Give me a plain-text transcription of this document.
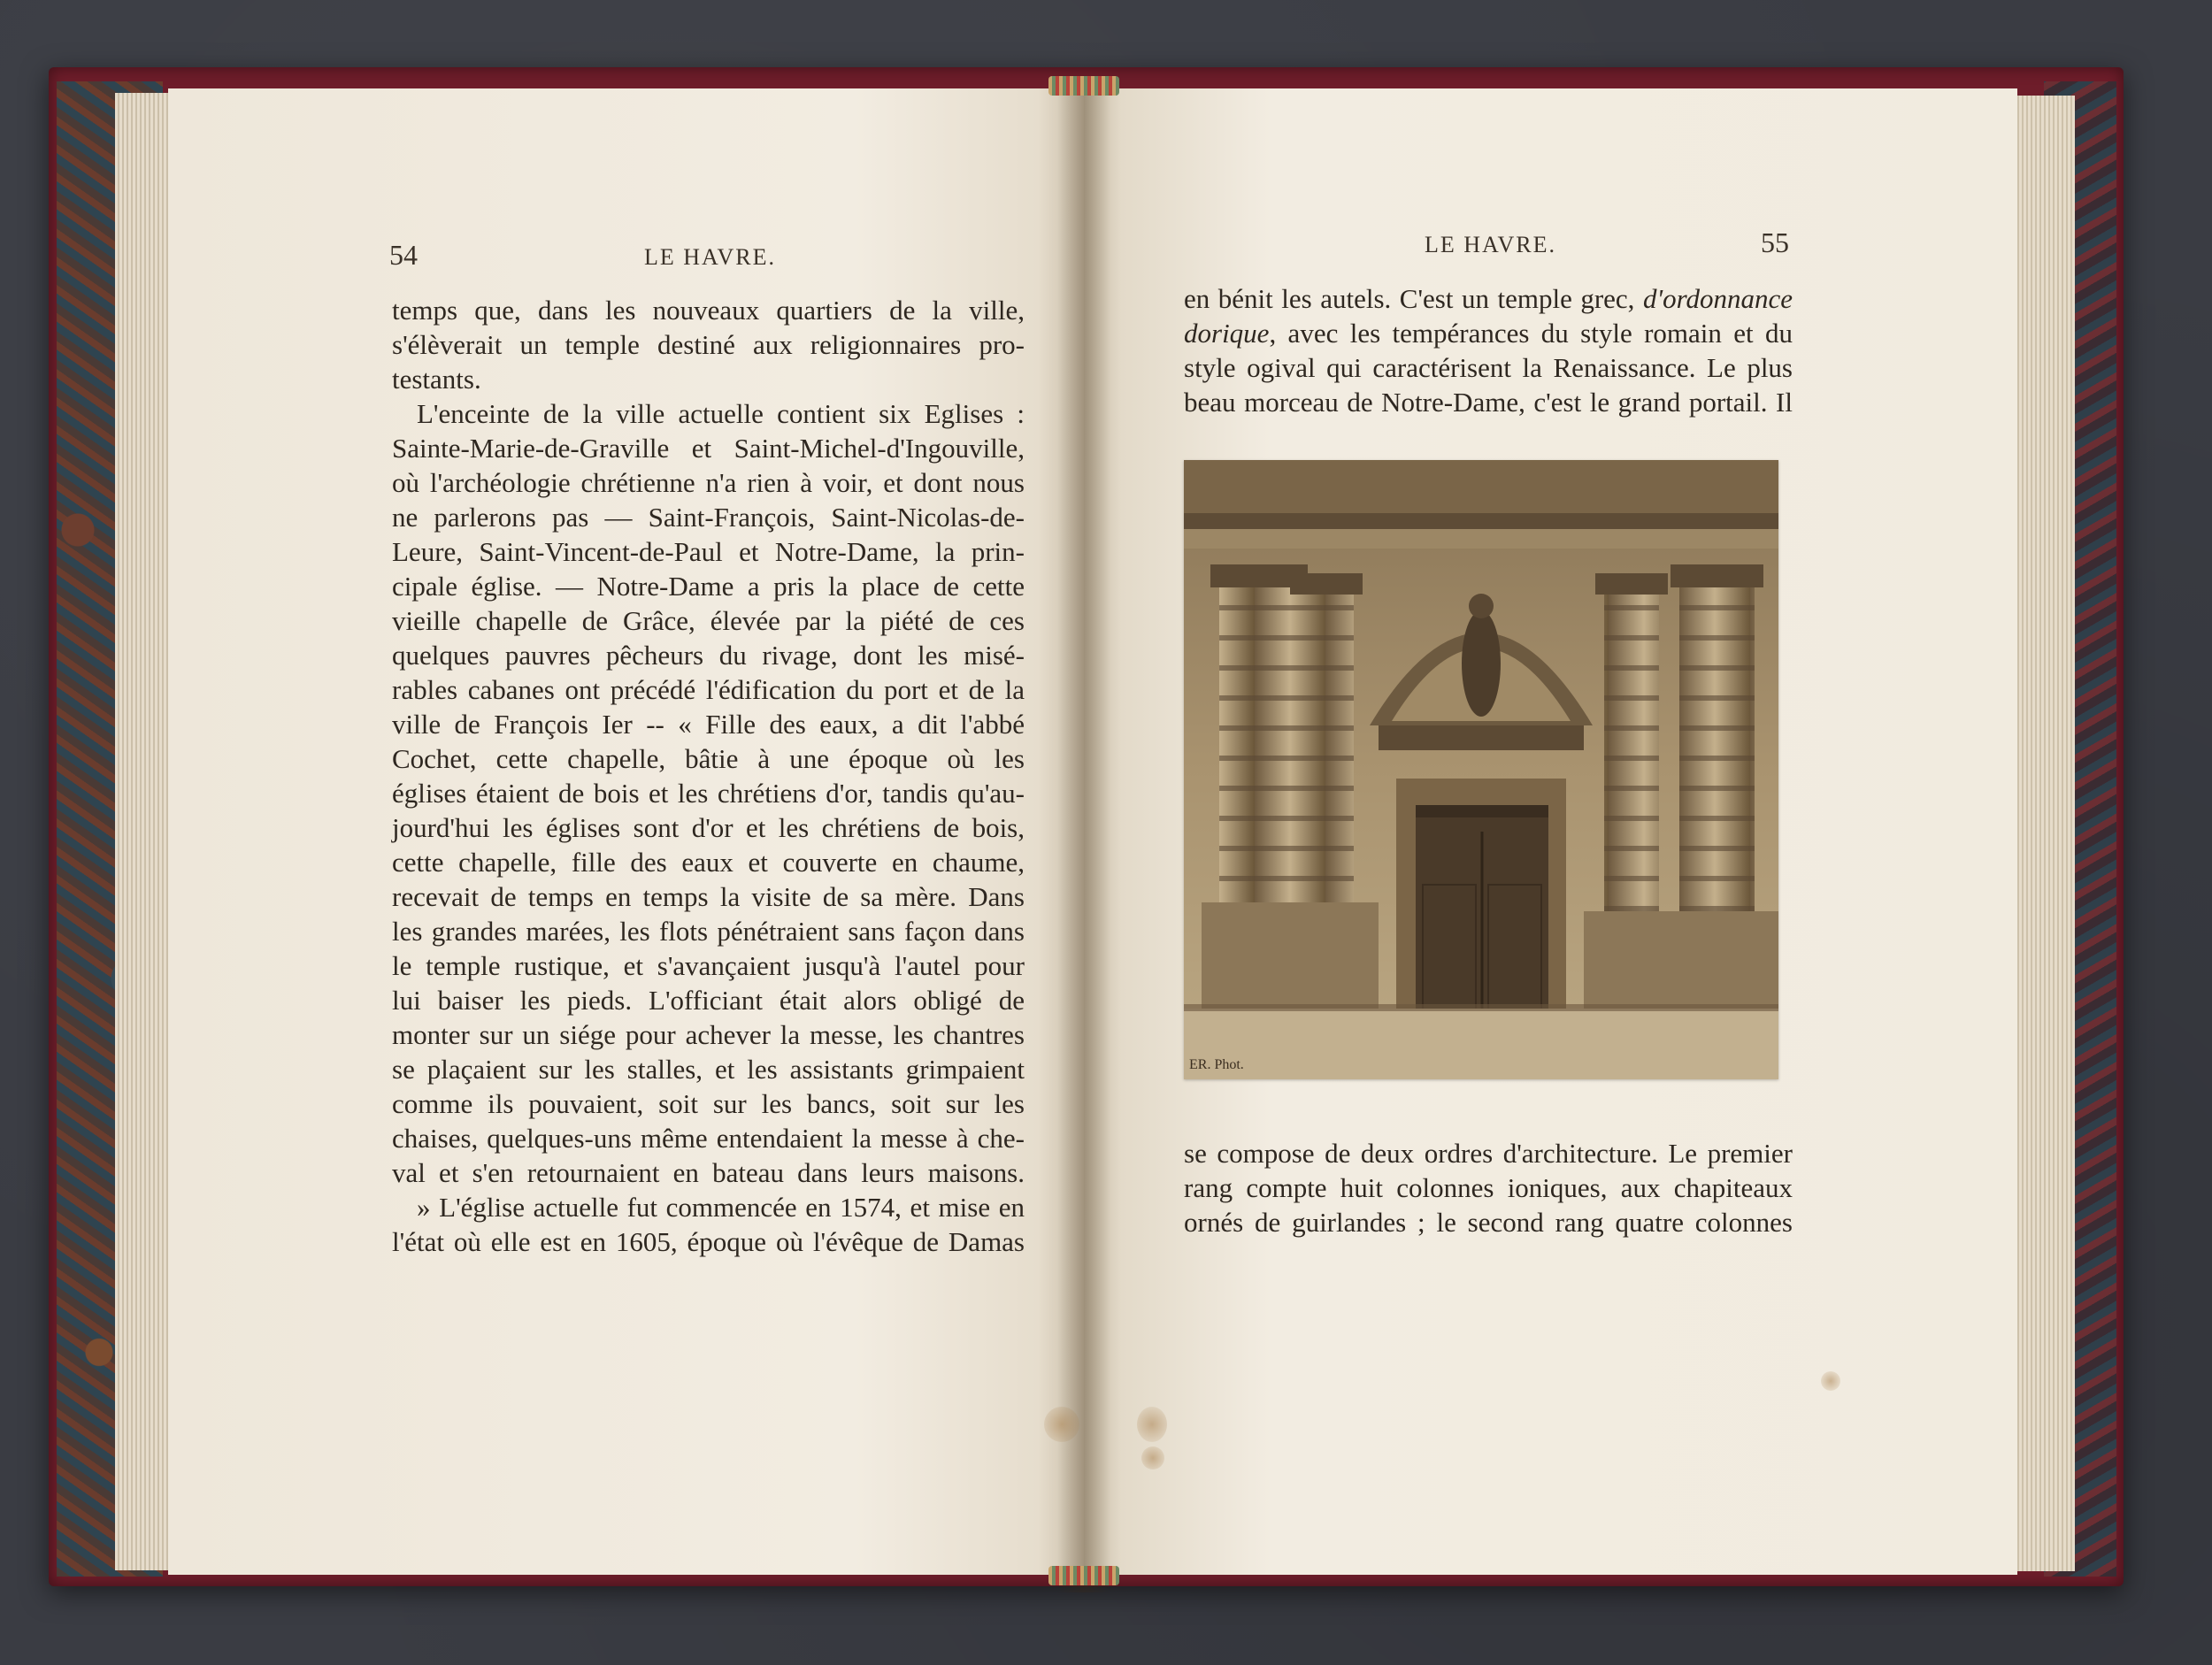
54	LE HAVRE.
temps que, dans les nouveaux quartiers de la ville,
s'élèverait un temple destiné aux religionnaires pro-
testants.
L'enceinte de la ville actuelle contient six Eglises :
Sainte-Marie-de-Graville et Saint-Michel-d'Ingouville,
où l'archéologie chrétienne n'a rien à voir, et dont nous
ne parlerons pas — Saint-François, Saint-Nicolas-de-
Leure, Saint-Vincent-de-Paul et Notre-Dame, la prin-
cipale église. — Notre-Dame a pris la place de cette
vieille chapelle de Grâce, élevée par la piété de ces
quelques pauvres pêcheurs du rivage, dont les misé-
rables cabanes ont précédé l'édification du port et de la
ville de François Ier -- « Fille des eaux, a dit l'abbé
Cochet, cette chapelle, bâtie à une époque où les
églises étaient de bois et les chrétiens d'or, tandis qu'au-
jourd'hui les églises sont d'or et les chrétiens de bois,
cette chapelle, fille des eaux et couverte en chaume,
recevait de temps en temps la visite de sa mère. Dans
les grandes marées, les flots pénétraient sans façon dans
le temple rustique, et s'avançaient jusqu'à l'autel pour
lui baiser les pieds. L'officiant était alors obligé de
monter sur un siége pour achever la messe, les chantres
se plaçaient sur les stalles, et les assistants grimpaient
comme ils pouvaient, soit sur les bancs, soit sur les
chaises, quelques-uns même entendaient la messe à che-
val et s'en retournaient en bateau dans leurs maisons.
» L'église actuelle fut commencée en 1574, et mise en
l'état où elle est en 1605, époque où l'évêque de Damas
LE HAVRE.	55
en bénit les autels. C'est un temple grec, d'ordonnance
dorique, avec les tempérances du style romain et du
style ogival qui caractérisent la Renaissance. Le plus
beau morceau de Notre-Dame, c'est le grand portail. Il
ER. Phot.
se compose de deux ordres d'architecture. Le premier
rang compte huit colonnes ioniques, aux chapiteaux
ornés de guirlandes ; le second rang quatre colonnes
